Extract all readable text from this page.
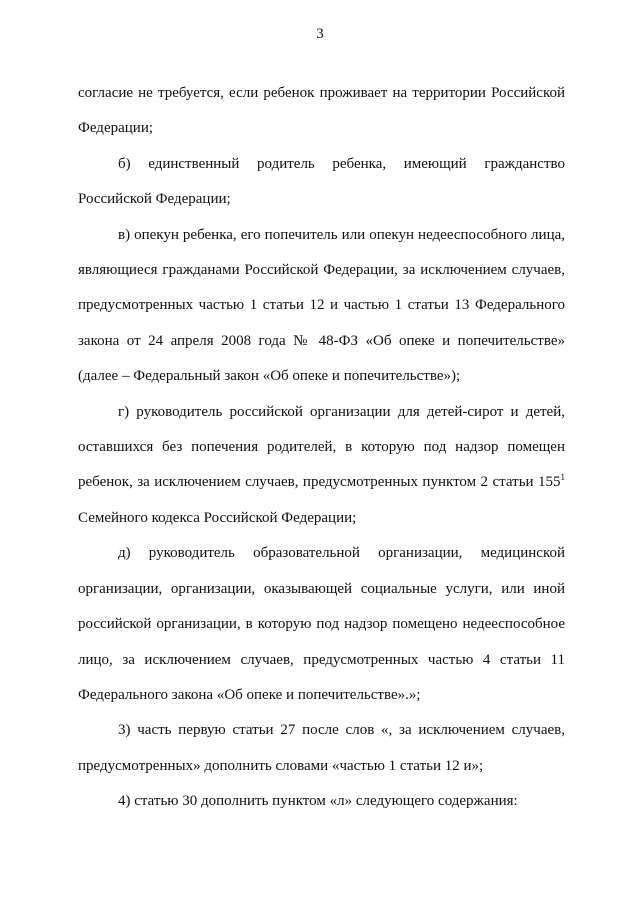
3
согласие не требуется, если ребенок проживает на территории Российской
Федерации;
б) единственный родитель ребенка, имеющий гражданство
Российской Федерации;
в) опекун ребенка, его попечитель или опекун недееспособного лица,
являющиеся гражданами Российской Федерации, за исключением случаев,
предусмотренных частью 1 статьи 12 и частью 1 статьи 13 Федерального
закона от 24 апреля 2008 года № 48-ФЗ «Об опеке и попечительстве»
(далее – Федеральный закон «Об опеке и попечительстве»);
г) руководитель российской организации для детей-сирот и детей,
оставшихся без попечения родителей, в которую под надзор помещен
ребенок, за исключением случаев, предусмотренных пунктом 2 статьи $155^1$
Семейного кодекса Российской Федерации;
д) руководитель образовательной организации, медицинской
организации, организации, оказывающей социальные услуги, или иной
российской организации, в которую под надзор помещено недееспособное
лицо, за исключением случаев, предусмотренных частью 4 статьи 11
Федерального закона «Об опеке и попечительстве».»;
3) часть первую статьи 27 после слов «, за исключением случаев,
предусмотренных» дополнить словами «частью 1 статьи 12 и»;
4) статью 30 дополнить пунктом «л» следующего содержания:
